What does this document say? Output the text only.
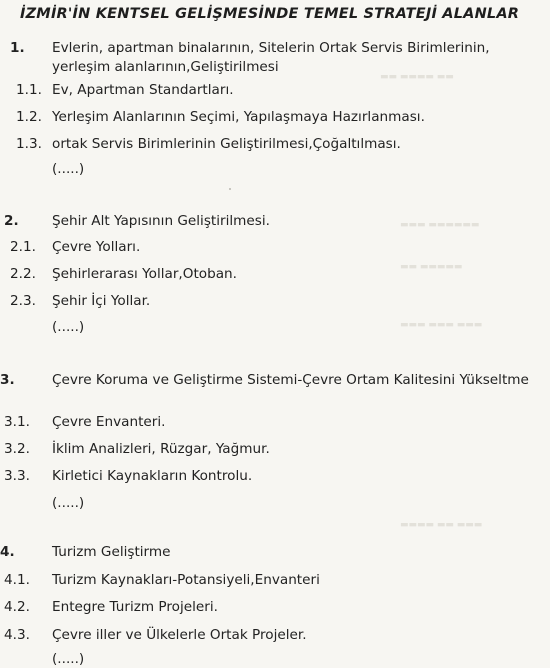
İZMİR'İN KENTSEL GELİŞMESİNDE TEMEL STRATEJİ ALANLAR
1. Evlerin, apartman binalarının, Sitelerin Ortak Servis Birimlerinin, yerleşim alanlarının,Geliştirilmesi
1.1. Ev, Apartman Standartları.
1.2. Yerleşim Alanlarının Seçimi, Yapılaşmaya Hazırlanması.
1.3. ortak Servis Birimlerinin Geliştirilmesi,Çoğaltılması.
(.....)
2. Şehir Alt Yapısının Geliştirilmesi.
2.1. Çevre Yolları.
2.2. Şehirlerarası Yollar,Otoban.
2.3. Şehir İçi Yollar.
(.....)
3.	Çevre Koruma ve Geliştirme Sistemi-Çevre Ortam Kalitesini Yükseltme
3.1. Çevre Envanteri.
3.2. İklim Analizleri, Rüzgar, Yağmur.
3.3. Kirletici Kaynakların Kontrolu.
(.....)
4.	Turizm Geliştirme
4.1. Turizm Kaynakları-Potansiyeli,Envanteri
4.2. Entegre Turizm Projeleri.
4.3. Çevre iller ve Ülkelerle Ortak Projeler.
(.....)
▬▬ ▬▬▬▬ ▬▬
▬▬▬ ▬▬▬▬▬▬
▬▬ ▬▬▬▬▬
▬▬▬ ▬▬▬ ▬▬▬
▬▬▬▬ ▬▬ ▬▬▬
